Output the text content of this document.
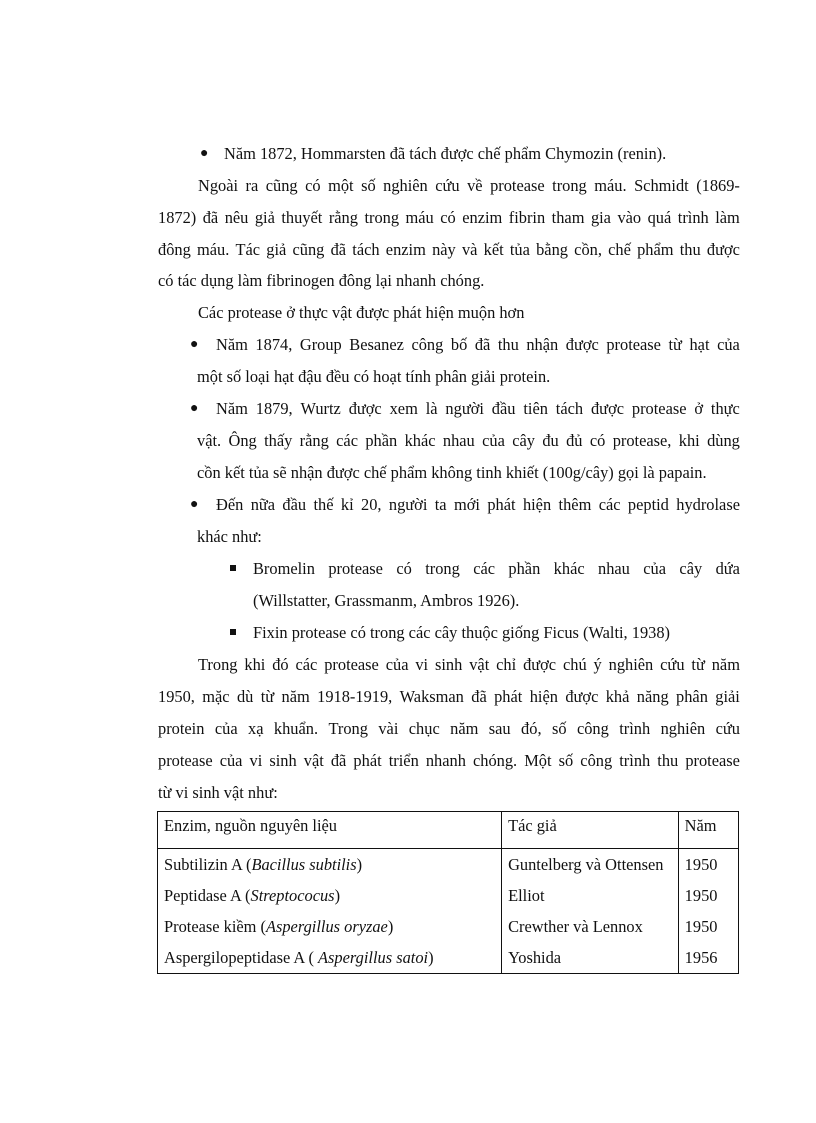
● Năm 1872, Hommarsten đã tách được chế phẩm Chymozin (renin).
Ngoài ra cũng có một số nghiên cứu về protease trong máu. Schmidt (1869-
1872) đã nêu giả thuyết rằng trong máu có enzim fibrin tham gia vào quá trình làm
đông máu. Tác giả cũng đã tách enzim này và kết tủa bằng cồn, chế phẩm thu được
có tác dụng làm fibrinogen đông lại nhanh chóng.
Các protease ở thực vật được phát hiện muộn hơn
● Năm 1874, Group Besanez công bố đã thu nhận được protease từ hạt của
một số loại hạt đậu đều có hoạt tính phân giải protein.
● Năm 1879, Wurtz được xem là người đầu tiên tách được protease ở thực
vật. Ông thấy rằng các phần khác nhau của cây đu đủ có protease, khi dùng
cồn kết tủa sẽ nhận được chế phẩm không tinh khiết (100g/cây) gọi là papain.
● Đến nữa đầu thế kỉ 20, người ta mới phát hiện thêm các peptid hydrolase
khác như:
Bromelin protease có trong các phần khác nhau của cây dứa
(Willstatter, Grassmanm, Ambros 1926).
Fixin protease có trong các cây thuộc giống Ficus (Walti, 1938)
Trong khi đó các protease của vi sinh vật chỉ được chú ý nghiên cứu từ năm
1950, mặc dù từ năm 1918-1919, Waksman đã phát hiện được khả năng phân giải
protein của xạ khuẩn. Trong vài chục năm sau đó, số công trình nghiên cứu
protease của vi sinh vật đã phát triển nhanh chóng. Một số công trình thu protease
từ vi sinh vật như:
Enzim, nguồn nguyên liệu	Tác giả	Năm
Subtilizin A (Bacillus subtilis)	Guntelberg và Ottensen	1950
Peptidase A (Streptococus)	Elliot	1950
Protease kiềm (Aspergillus oryzae)	Crewther và Lennox	1950
Aspergilopeptidase A ( Aspergillus satoi)	Yoshida	1956
